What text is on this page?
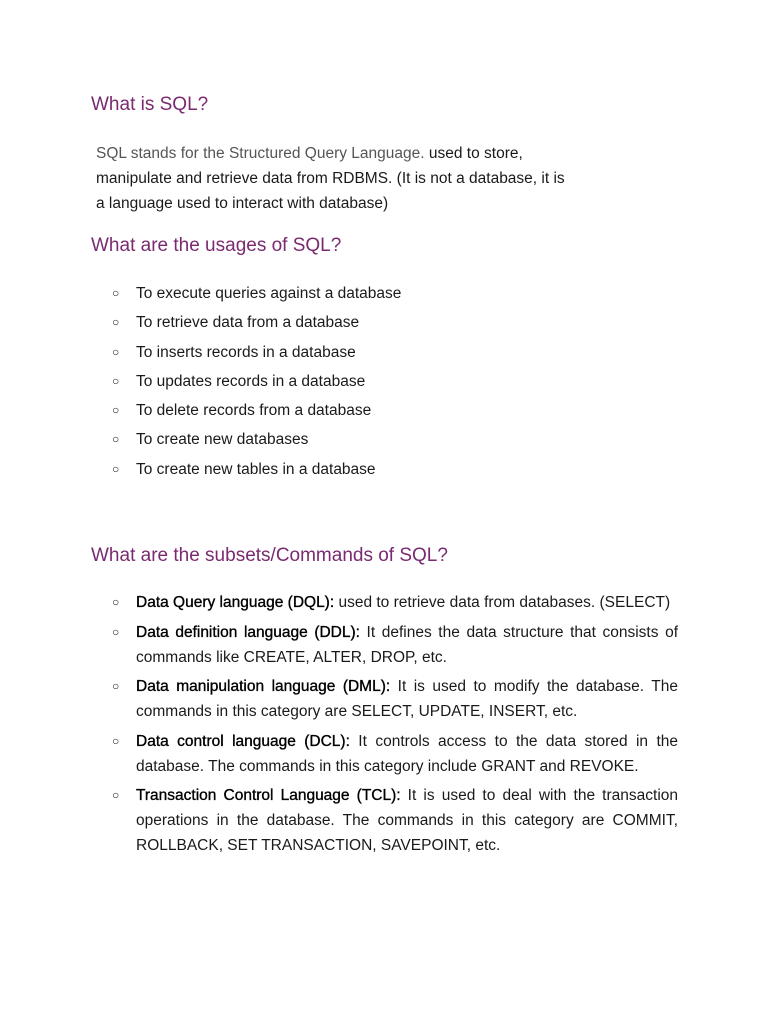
What is SQL?

SQL stands for the Structured Query Language. used to store, manipulate and retrieve data from RDBMS. (It is not a database, it is a language used to interact with database)

What are the usages of SQL?
○ To execute queries against a database
○ To retrieve data from a database
○ To inserts records in a database
○ To updates records in a database
○ To delete records from a database
○ To create new databases
○ To create new tables in a database
What are the subsets/Commands of SQL?
○ Data Query language (DQL): used to retrieve data from databases. (SELECT)
○ Data definition language (DDL): It defines the data structure that consists of commands like CREATE, ALTER, DROP, etc.
○ Data manipulation language (DML): It is used to modify the database. The commands in this category are SELECT, UPDATE, INSERT, etc.
○ Data control language (DCL): It controls access to the data stored in the database. The commands in this category include GRANT and REVOKE.
○ Transaction Control Language (TCL): It is used to deal with the transaction operations in the database. The commands in this category are COMMIT, ROLLBACK, SET TRANSACTION, SAVEPOINT, etc.
